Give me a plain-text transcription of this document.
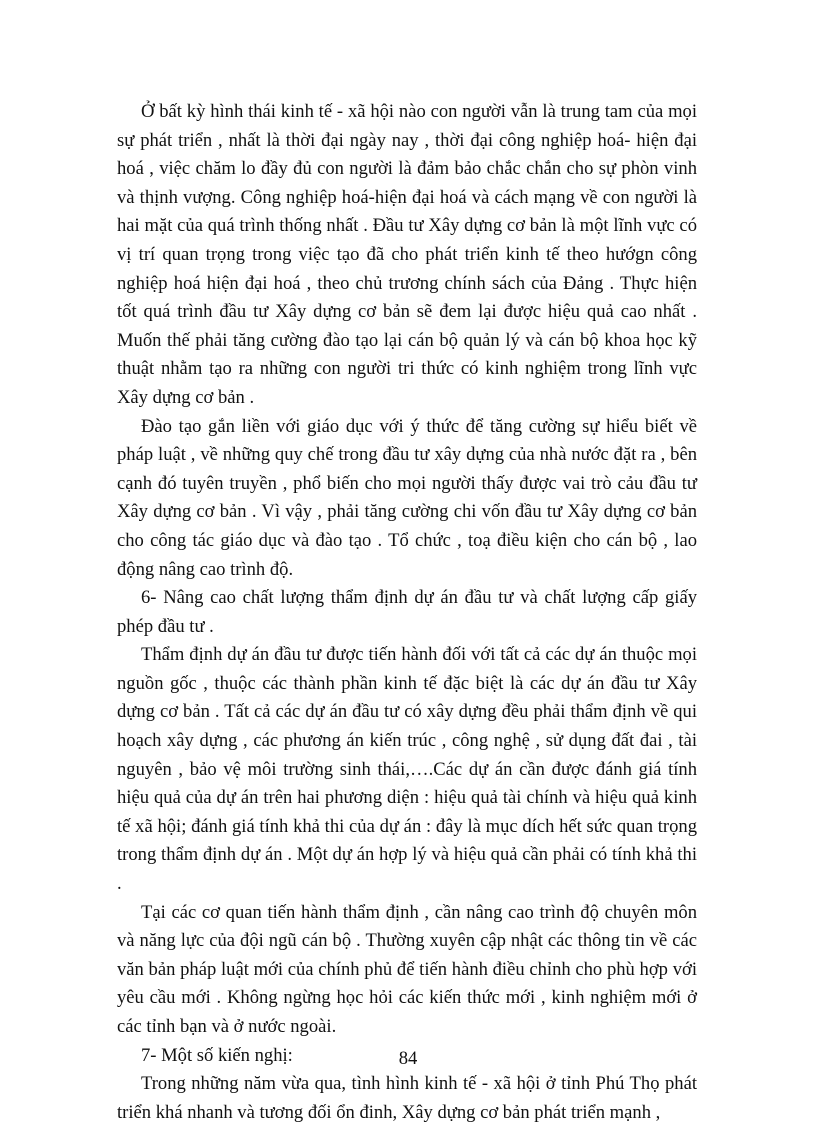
Ở bất kỳ hình thái kinh tế - xã hội nào con người vẫn là trung tam của mọi sự phát triển , nhất là thời đại ngày nay , thời đại công nghiệp hoá- hiện đại hoá , việc chăm lo đầy đủ con người là đảm bảo chắc chắn cho sự phòn vinh và thịnh vượng. Công nghiệp hoá-hiện đại hoá và cách mạng về con người là hai mặt của quá trình thống nhất . Đầu tư Xây dựng cơ bản là một lĩnh vực có vị trí quan trọng trong việc tạo đã cho phát triển kinh tế theo hướgn công nghiệp hoá hiện đại hoá , theo chủ trương chính sách của Đảng . Thực hiện tốt quá trình đầu tư Xây dựng cơ bản sẽ đem lại được hiệu quả cao nhất . Muốn thế phải tăng cường đào tạo lại cán bộ quản lý và cán bộ khoa học kỹ thuật nhằm tạo ra những con người tri thức có kinh nghiệm trong lĩnh vực Xây dựng cơ bản .

Đào tạo gắn liền với giáo dục với ý thức để tăng cường sự hiểu biết về pháp luật , về những quy chế trong đầu tư xây dựng của nhà nước đặt ra , bên cạnh đó tuyên truyền , phổ biến cho mọi người thấy được vai trò cảu đầu tư Xây dựng cơ bản . Vì vậy , phải tăng cường chi vốn đầu tư Xây dựng cơ bản cho công tác giáo dục và đào tạo . Tổ chức , toạ điều kiện cho cán bộ , lao động nâng cao trình độ.

6- Nâng cao chất lượng thẩm định dự án đầu tư và chất lượng cấp giấy phép đầu tư .

Thẩm định dự án đầu tư được tiến hành đối với tất cả các dự án thuộc mọi nguồn gốc , thuộc các thành phần kinh tế đặc biệt là các dự án đầu tư Xây dựng cơ bản . Tất cả các dự án đầu tư có xây dựng đều phải thẩm định về qui hoạch xây dựng , các phương án kiến trúc , công nghệ , sử dụng đất đai , tài nguyên , bảo vệ môi trường sinh thái,….Các dự án cần được đánh giá tính hiệu quả của dự án trên hai phương diện : hiệu quả tài chính và hiệu quả kinh tế xã hội; đánh giá tính khả thi của dự án : đây là mục dích hết sức quan trọng trong thẩm định dự án . Một dự án hợp lý và hiệu quả cần phải có tính khả thi .

Tại các cơ quan tiến hành thẩm định , cần nâng cao trình độ chuyên môn và năng lực của đội ngũ cán bộ . Thường xuyên cập nhật các thông tin về các văn bản pháp luật mới của chính phủ để tiến hành điều chỉnh cho phù hợp với yêu cầu mới . Không ngừng học hỏi các kiến thức mới , kinh nghiệm mới ở các tỉnh bạn và ở nước ngoài.

7- Một số kiến nghị:

Trong những năm vừa qua, tình hình kinh tế - xã hội ở tỉnh Phú Thọ phát triển khá nhanh và tương đối ổn đinh, Xây dựng cơ bản phát triển mạnh ,

84
